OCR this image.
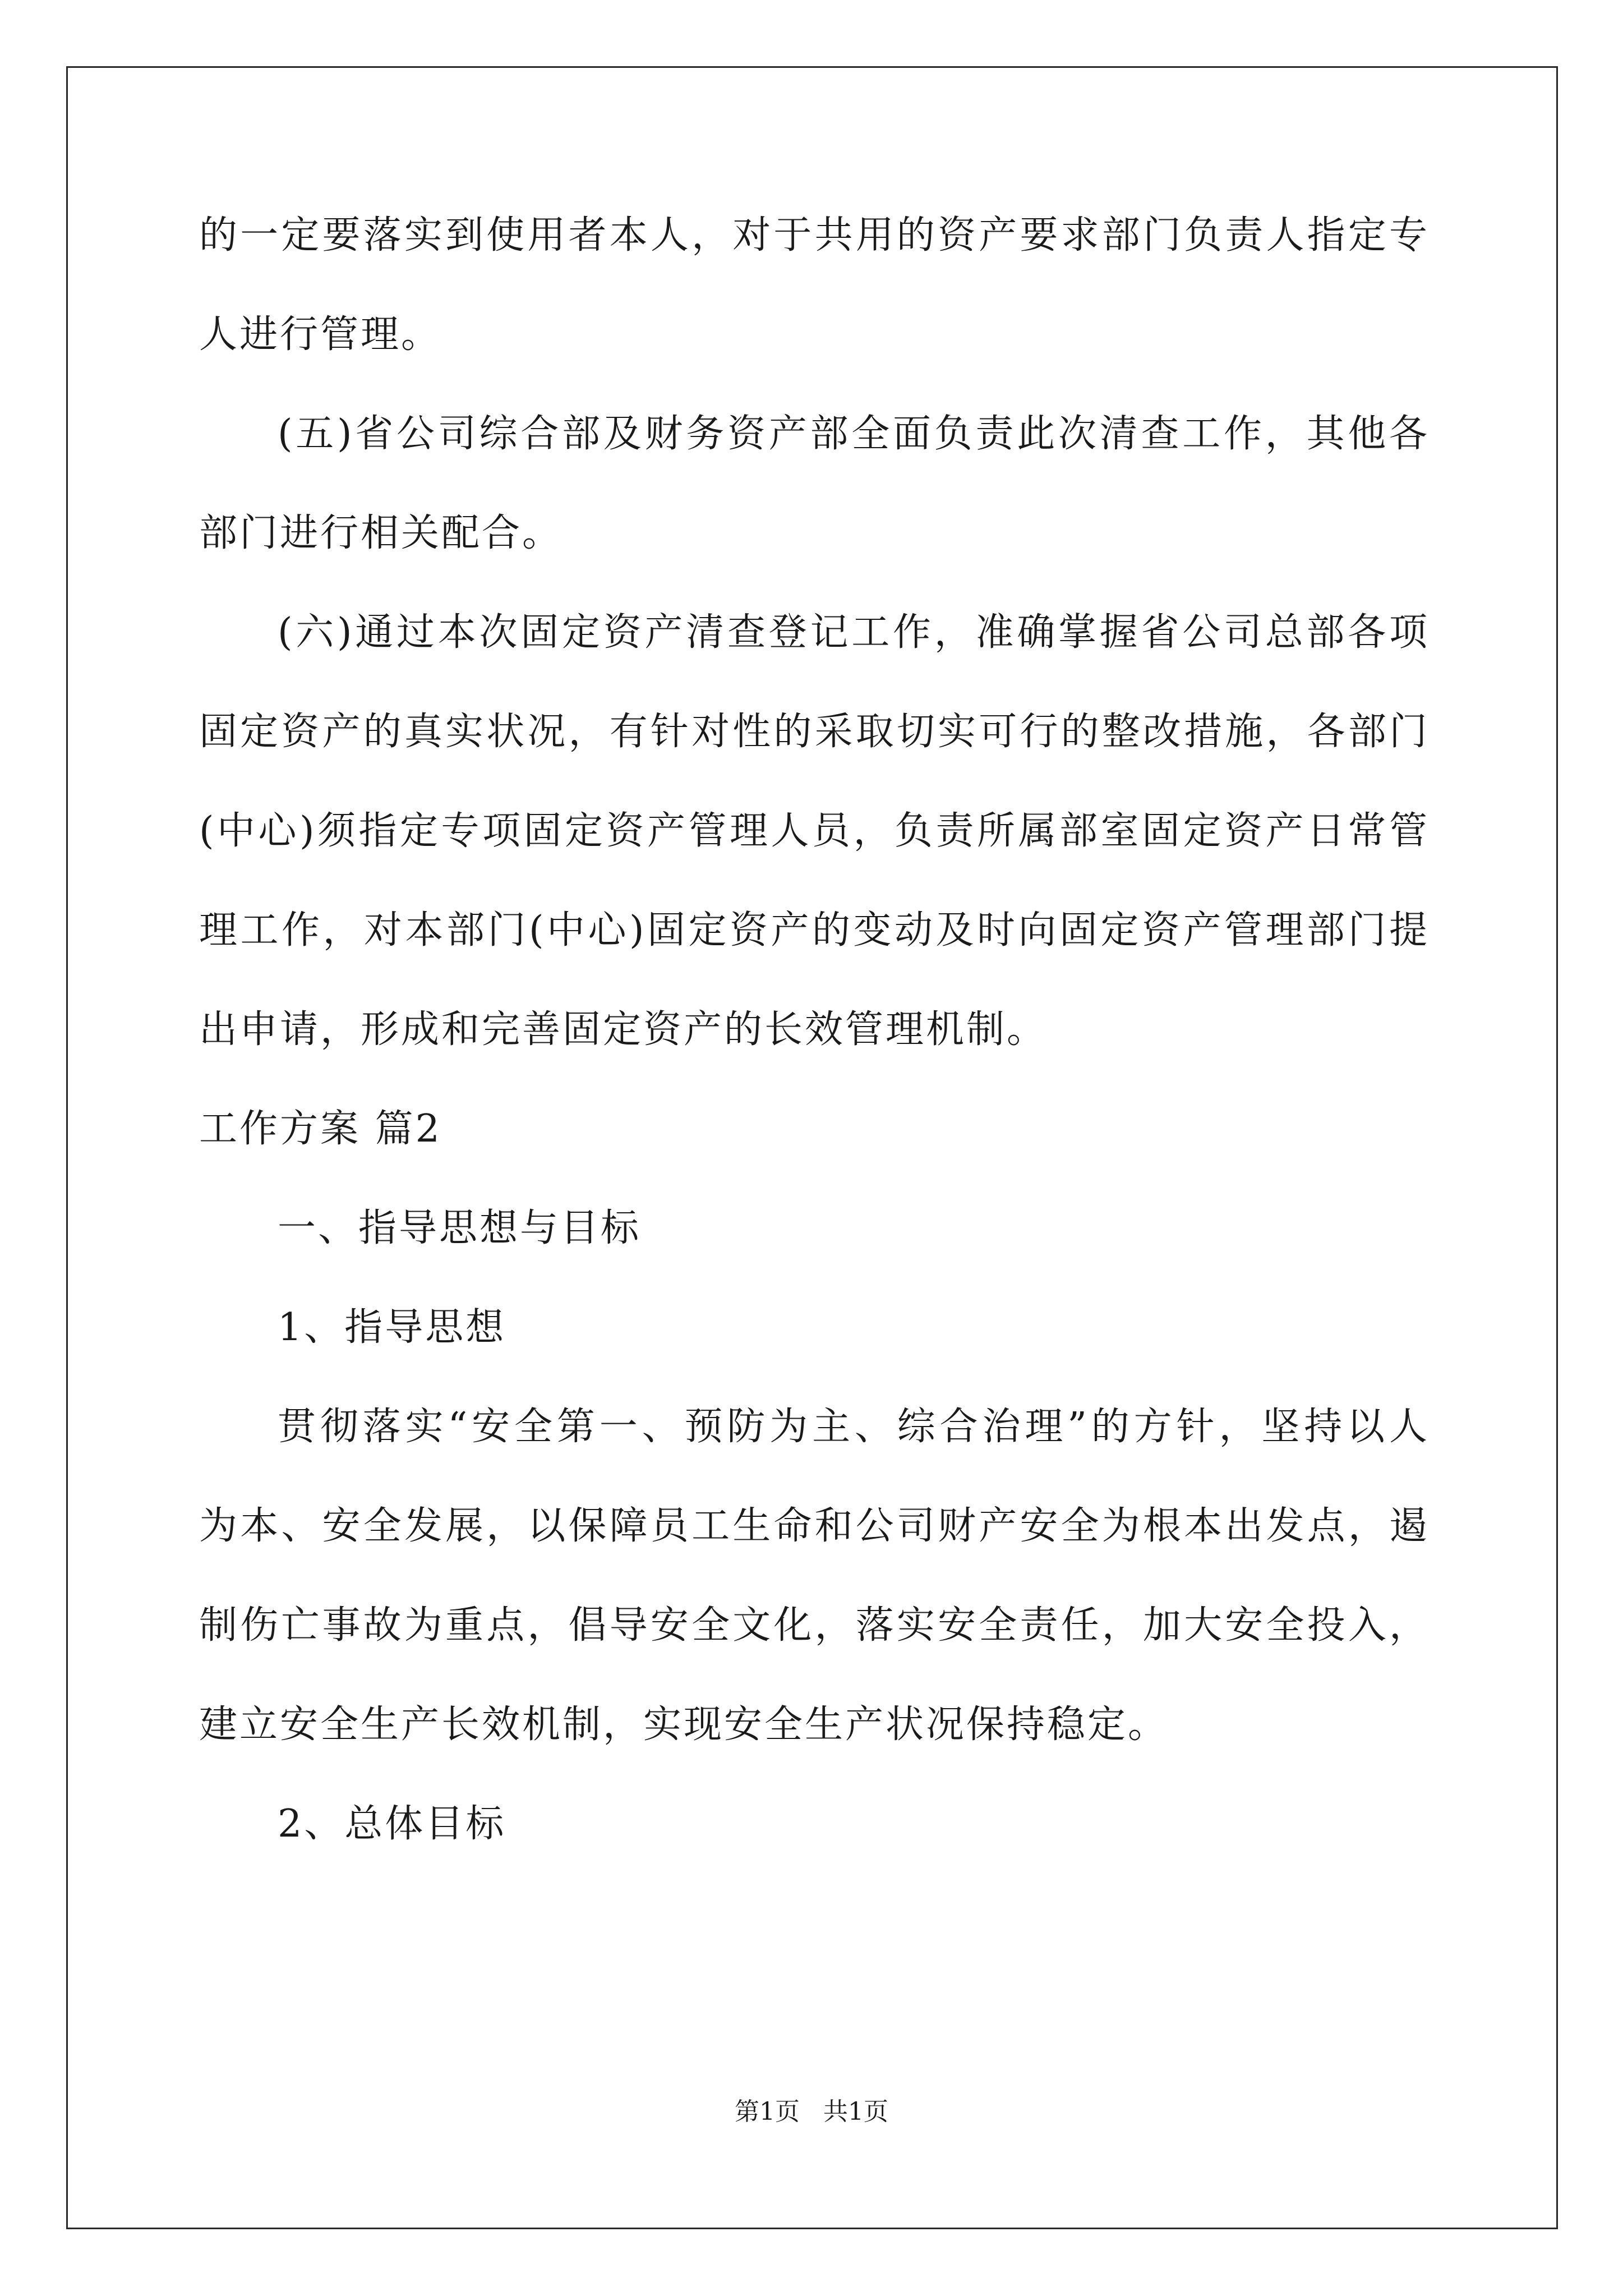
的一定要落实到使用者本人，对于共用的资产要求部门负责人指定专
人进行管理。
(五)省公司综合部及财务资产部全面负责此次清查工作，其他各
部门进行相关配合。
(六)通过本次固定资产清查登记工作，准确掌握省公司总部各项
固定资产的真实状况，有针对性的采取切实可行的整改措施，各部门
(中心)须指定专项固定资产管理人员，负责所属部室固定资产日常管
理工作，对本部门(中心)固定资产的变动及时向固定资产管理部门提
出申请，形成和完善固定资产的长效管理机制。
工作方案 篇2
一、指导思想与目标
1、指导思想
贯彻落实“安全第一、预防为主、综合治理”的方针，坚持以人
为本、安全发展，以保障员工生命和公司财产安全为根本出发点，遏
制伤亡事故为重点，倡导安全文化，落实安全责任，加大安全投入，
建立安全生产长效机制，实现安全生产状况保持稳定。
2、总体目标
第1页 共1页
